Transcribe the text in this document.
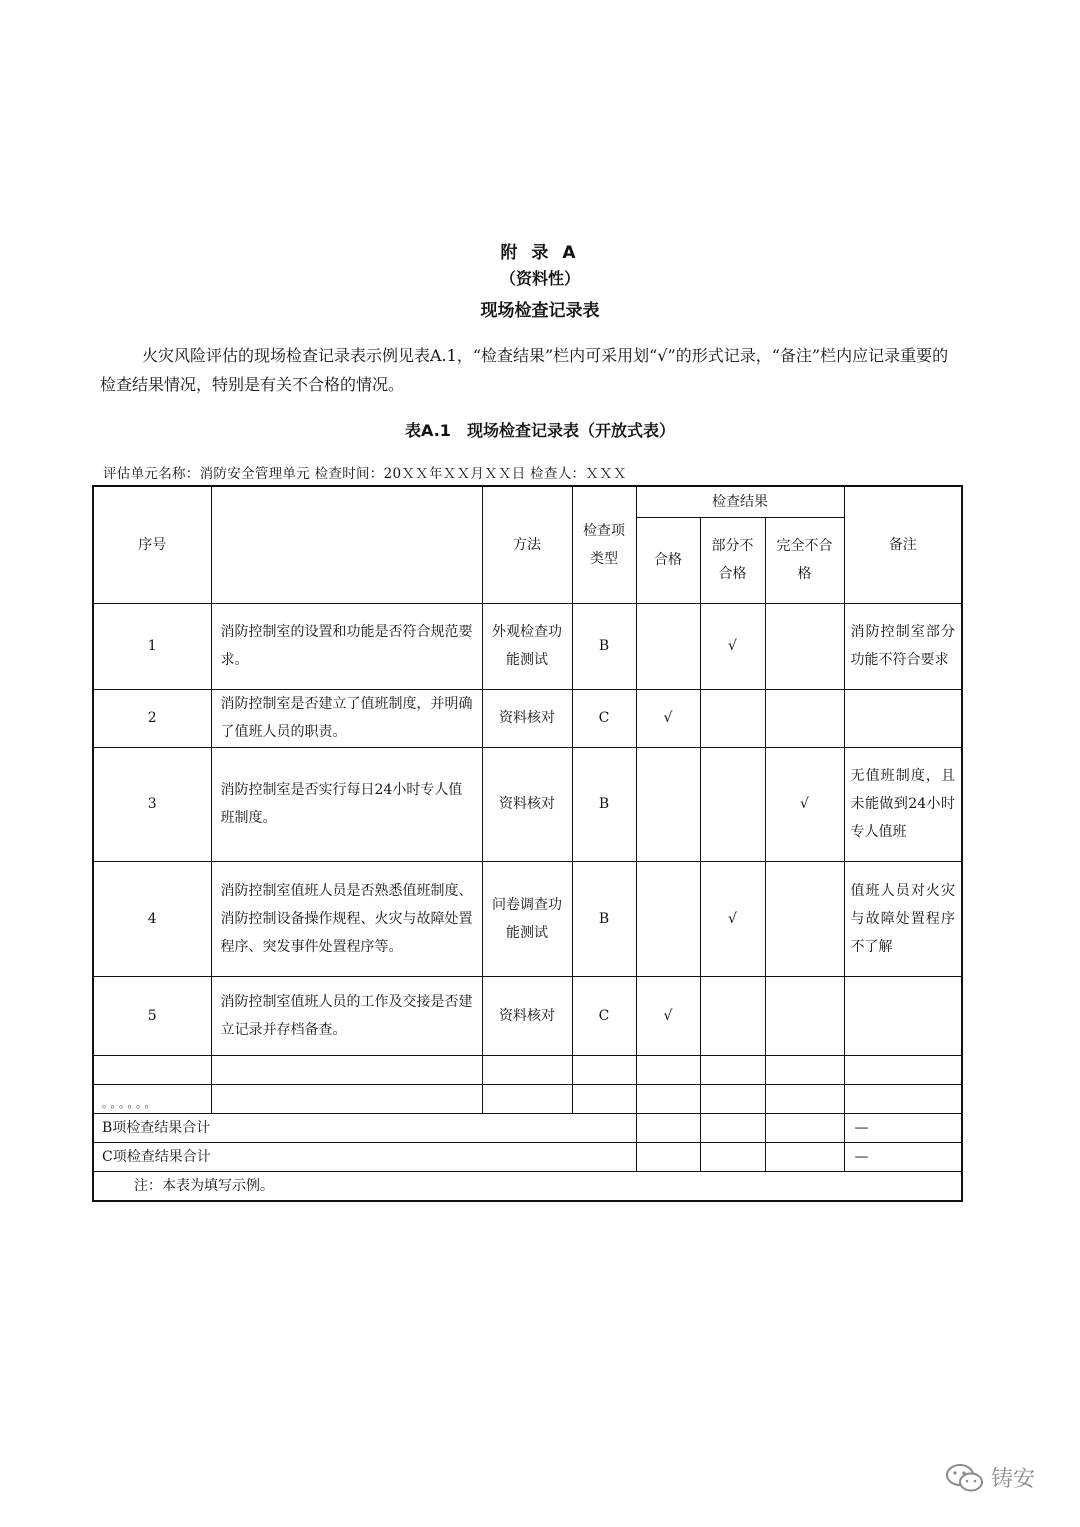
附 录 A
（资料性）
现场检查记录表
火灾风险评估的现场检查记录表示例见表A.1，“检查结果”栏内可采用划“√”的形式记录，“备注”栏内应记录重要的检查结果情况，特别是有关不合格的情况。
表A.1　现场检查记录表（开放式表）
评估单元名称：消防安全管理单元 检查时间：20ＸＸ年ＸＸ月ＸＸ日 检查人：ＸＸＸ
序号		方法	检查项类型	检查结果			备注
				合格	部分不合格	完全不合格	
1	消防控制室的设置和功能是否符合规范要求。	外观检查功能测试	B		√		消防控制室部分功能不符合要求
2	消防控制室是否建立了值班制度，并明确了值班人员的职责。	资料核对	C	√			
3	消防控制室是否实行每日24小时专人值班制度。	资料核对	B			√	无值班制度，且未能做到24小时专人值班
4	消防控制室值班人员是否熟悉值班制度、消防控制设备操作规程、火灾与故障处置程序、突发事件处置程序等。	问卷调查功能测试	B		√		值班人员对火灾与故障处置程序不了解
5	消防控制室值班人员的工作及交接是否建立记录并存档备查。	资料核对	C	√			

。。。。。。							
B项检查结果合计							—
C项检查结果合计							—
注：本表为填写示例。							
铸安
